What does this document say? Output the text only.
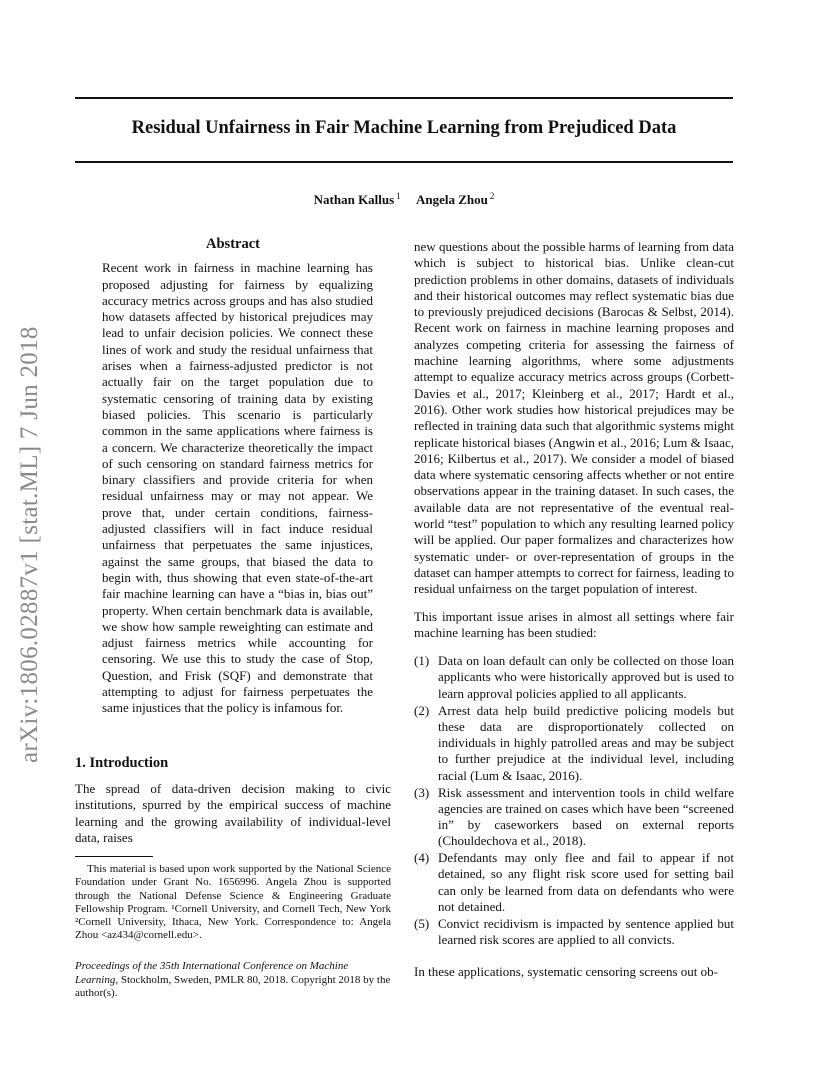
Residual Unfairness in Fair Machine Learning from Prejudiced Data
Nathan Kallus $^1$ Angela Zhou $^2$
arXiv:1806.02887v1 [stat.ML] 7 Jun 2018
Abstract

Recent work in fairness in machine learning has proposed adjusting for fairness by equalizing accuracy metrics across groups and has also studied how datasets affected by historical prejudices may lead to unfair decision policies. We connect these lines of work and study the residual unfairness that arises when a fairness-adjusted predictor is not actually fair on the target population due to systematic censoring of training data by existing biased policies. This scenario is particularly common in the same applications where fairness is a concern. We characterize theoretically the impact of such censoring on standard fairness metrics for binary classifiers and provide criteria for when residual unfairness may or may not appear. We prove that, under certain conditions, fairness-adjusted classifiers will in fact induce residual unfairness that perpetuates the same injustices, against the same groups, that biased the data to begin with, thus showing that even state-of-the-art fair machine learning can have a “bias in, bias out” property. When certain benchmark data is available, we show how sample reweighting can estimate and adjust fairness metrics while accounting for censoring. We use this to study the case of Stop, Question, and Frisk (SQF) and demonstrate that attempting to adjust for fairness perpetuates the same injustices that the policy is infamous for.

1. Introduction

The spread of data-driven decision making to civic institutions, spurred by the empirical success of machine learning and the growing availability of individual-level data, raises

This material is based upon work supported by the National Science Foundation under Grant No. 1656996. Angela Zhou is supported through the National Defense Science & Engineering Graduate Fellowship Program. ¹Cornell University, and Cornell Tech, New York ²Cornell University, Ithaca, New York. Correspondence to: Angela Zhou <az434@cornell.edu>.

Proceedings of the 35th International Conference on Machine Learning, Stockholm, Sweden, PMLR 80, 2018. Copyright 2018 by the author(s).

new questions about the possible harms of learning from data which is subject to historical bias. Unlike clean-cut prediction problems in other domains, datasets of individuals and their historical outcomes may reflect systematic bias due to previously prejudiced decisions (Barocas & Selbst, 2014). Recent work on fairness in machine learning proposes and analyzes competing criteria for assessing the fairness of machine learning algorithms, where some adjustments attempt to equalize accuracy metrics across groups (Corbett-Davies et al., 2017; Kleinberg et al., 2017; Hardt et al., 2016). Other work studies how historical prejudices may be reflected in training data such that algorithmic systems might replicate historical biases (Angwin et al., 2016; Lum & Isaac, 2016; Kilbertus et al., 2017). We consider a model of biased data where systematic censoring affects whether or not entire observations appear in the training dataset. In such cases, the available data are not representative of the eventual real-world “test” population to which any resulting learned policy will be applied. Our paper formalizes and characterizes how systematic under- or over-representation of groups in the dataset can hamper attempts to correct for fairness, leading to residual unfairness on the target population of interest.

This important issue arises in almost all settings where fair machine learning has been studied:

(1) Data on loan default can only be collected on those loan applicants who were historically approved but is used to learn approval policies applied to all applicants.
(2) Arrest data help build predictive policing models but these data are disproportionately collected on individuals in highly patrolled areas and may be subject to further prejudice at the individual level, including racial (Lum & Isaac, 2016).
(3) Risk assessment and intervention tools in child welfare agencies are trained on cases which have been “screened in” by caseworkers based on external reports (Chouldechova et al., 2018).
(4) Defendants may only flee and fail to appear if not detained, so any flight risk score used for setting bail can only be learned from data on defendants who were not detained.
(5) Convict recidivism is impacted by sentence applied but learned risk scores are applied to all convicts.

In these applications, systematic censoring screens out ob-
